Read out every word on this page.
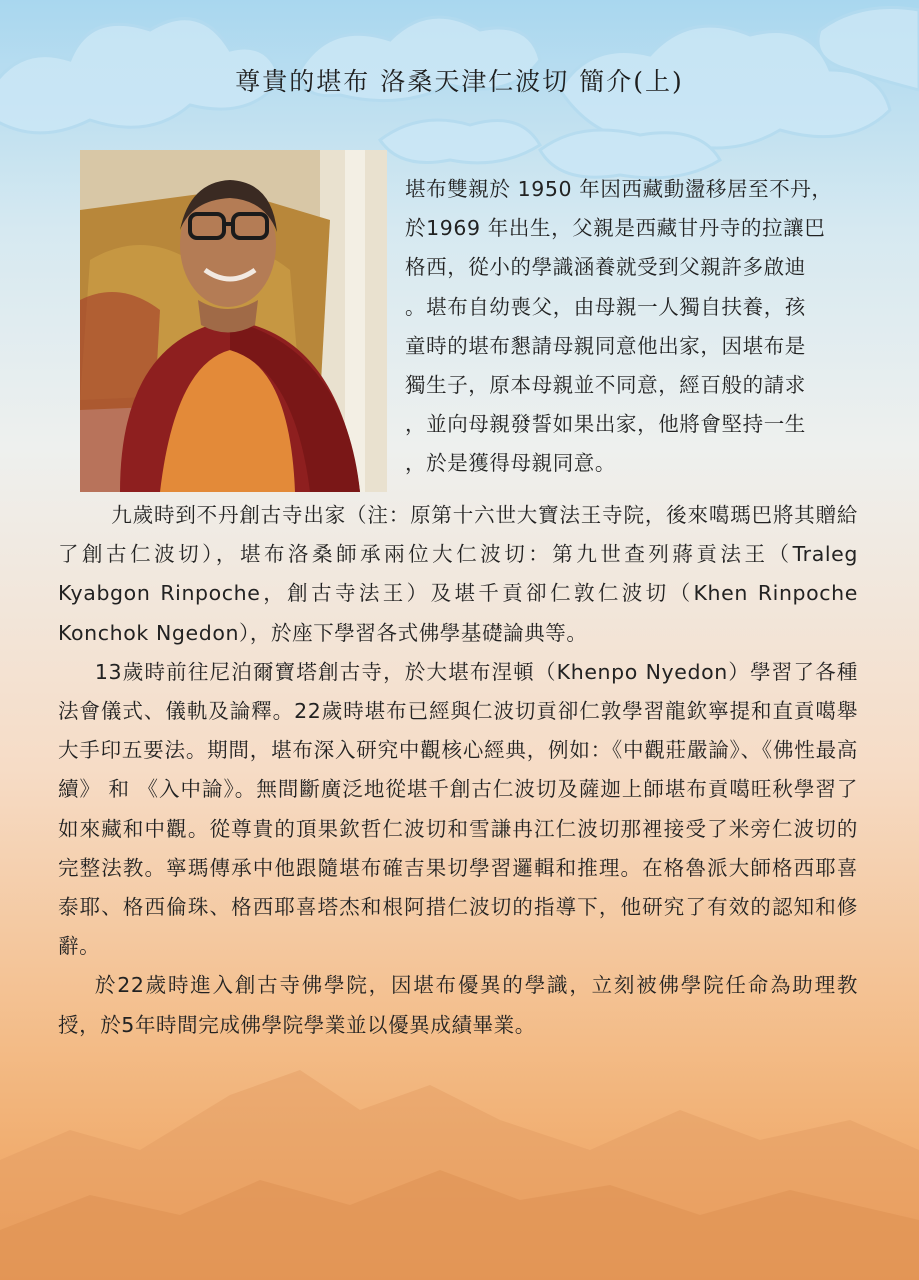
尊貴的堪布 洛桑天津仁波切 簡介(上)

堪布雙親於 1950 年因西藏動盪移居至不丹，

於1969 年出生，父親是西藏甘丹寺的拉讓巴

格西，從小的學識涵養就受到父親許多啟迪

。堪布自幼喪父，由母親一人獨自扶養，孩

童時的堪布懇請母親同意他出家，因堪布是

獨生子，原本母親並不同意，經百般的請求

，並向母親發誓如果出家，他將會堅持一生

，於是獲得母親同意。

九歲時到不丹創古寺出家（注：原第十六世大寶法王寺院，後來噶瑪巴將其贈給了創古仁波切），堪布洛桑師承兩位大仁波切：第九世查列蔣貢法王（Traleg Kyabgon Rinpoche，創古寺法王）及堪千貢卻仁敦仁波切（Khen Rinpoche Konchok Ngedon），於座下學習各式佛學基礎論典等。

13歲時前往尼泊爾寶塔創古寺，於大堪布涅頓（Khenpo Nyedon）學習了各種法會儀式、儀軌及論釋。22歲時堪布已經與仁波切貢卻仁敦學習龍欽寧提和直貢噶舉大手印五要法。期間，堪布深入研究中觀核心經典，例如：《中觀莊嚴論》、《佛性最高續》 和 《入中論》。無間斷廣泛地從堪千創古仁波切及薩迦上師堪布貢噶旺秋學習了如來藏和中觀。從尊貴的頂果欽哲仁波切和雪謙冉江仁波切那裡接受了米旁仁波切的完整法教。寧瑪傳承中他跟隨堪布確吉果切學習邏輯和推理。在格魯派大師格西耶喜泰耶、格西倫珠、格西耶喜塔杰和根阿措仁波切的指導下，他研究了有效的認知和修辭。

於22歲時進入創古寺佛學院，因堪布優異的學識，立刻被佛學院任命為助理教授，於5年時間完成佛學院學業並以優異成績畢業。
